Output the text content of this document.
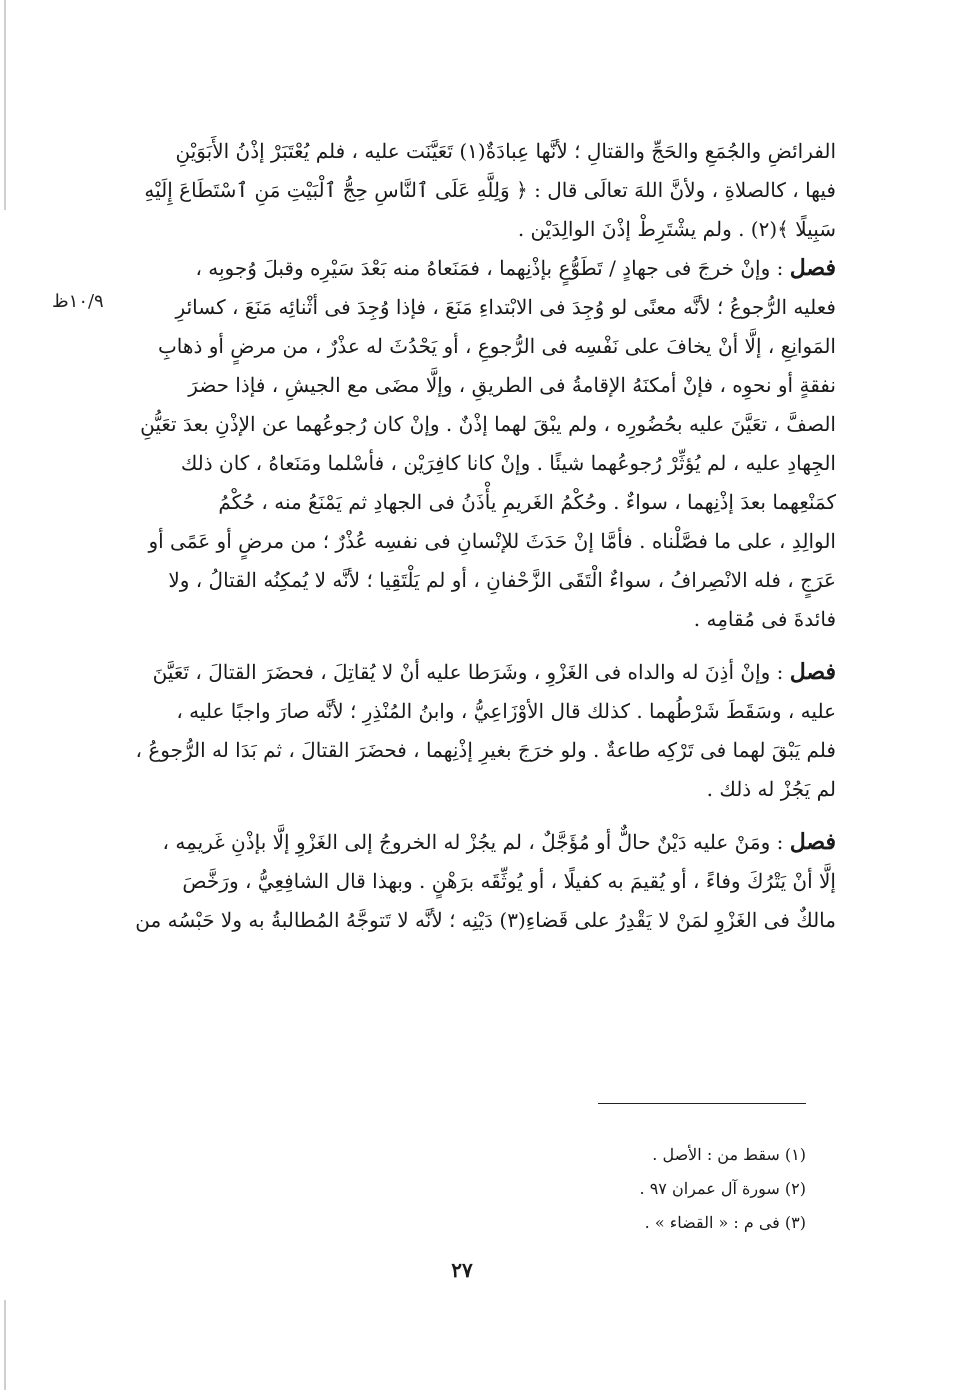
١٠/٩ظ

الفرائضِ والجُمَعِ والحَجِّ والقتالِ ؛ لأنَّها عِبادَةٌ(١) تَعَيَّنَت عليه ، فلم يُعْتَبَرْ إذْنُ الأَبَوَيْنِ

فيها ، كالصلاةِ ، ولأنَّ اللهَ تعالَى قال : ﴿ وَلِلَّهِ عَلَى ٱلنَّاسِ حِجُّ ٱلْبَيْتِ مَنِ ٱسْتَطَاعَ إِلَيْهِ

سَبِيلًا ﴾(٢) . ولم يشْتَرِطْ إذْنَ الوالِدَيْن .

فصل : وإنْ خرجَ فى جهادٍ / تَطَوُّعٍ بإذْنِهما ، فمَنَعاهُ منه بَعْدَ سَيْرِه وقبلَ وُجوبِه ،

فعليه الرُّجوعُ ؛ لأنَّه معنًى لو وُجِدَ فى الابْتداءِ مَنَعَ ، فإذا وُجِدَ فى أثْنائِه مَنَعَ ، كسائرِ

المَوانِعِ ، إلَّا أنْ يخافَ على نَفْسِه فى الرُّجوعِ ، أو يَحْدُثَ له عذْرٌ ، من مرضٍ أو ذهابِ

نفقةٍ أو نحوِه ، فإنْ أمكنَهُ الإقامةُ فى الطريقِ ، وإلَّا مضَى مع الجيشِ ، فإذا حضرَ

الصفَّ ، تعَيَّنَ عليه بحُضُورِه ، ولم يبْقَ لهما إذْنٌ . وإنْ كان رُجوعُهما عن الإذْنِ بعدَ تعَيُّنِ

الجِهادِ عليه ، لم يُؤثِّرْ رُجوعُهما شيئًا . وإنْ كانا كافِرَيْن ، فأسْلما ومَنَعاهُ ، كان ذلك

كمَنْعِهما بعدَ إذْنِهما ، سواءٌ . وحُكْمُ الغَريمِ يأْذَنُ فى الجهادِ ثم يَمْنَعُ منه ، حُكْمُ

الوالِدِ ، على ما فصَّلْناه . فأمَّا إنْ حَدَثَ للإنْسانِ فى نفسِه عُذْرٌ ؛ من مرضٍ أو عَمًى أو

عَرَجٍ ، فله الانْصِرافُ ، سواءٌ الْتَقَى الزَّحْفانِ ، أو لم يَلْتَقِيا ؛ لأنَّه لا يُمكِنُه القتالُ ، ولا

فائدةَ فى مُقامِه .

فصل : وإنْ أذِنَ له والداه فى الغَزْوِ ، وشَرَطا عليه أنْ لا يُقاتِلَ ، فحضَرَ القتالَ ، تَعَيَّنَ

عليه ، وسَقَطَ شَرْطُهما . كذلك قال الأوْزَاعِيُّ ، وابنُ المُنْذِرِ ؛ لأنَّه صارَ واجبًا عليه ،

فلم يَبْقَ لهما فى تَرْكِه طاعةٌ . ولو خرَجَ بغيرِ إذْنِهما ، فحضَرَ القتالَ ، ثم بَدَا له الرُّجوعُ ،

لم يَجُزْ له ذلك .

فصل : ومَنْ عليه دَيْنٌ حالٌّ أو مُؤَجَّلٌ ، لم يجُزْ له الخروجُ إلى الغَزْوِ إلَّا بإذْنِ غَريمِه ،

إلَّا أنْ يَتْرُكَ وفاءً ، أو يُقيمَ به كفيلًا ، أو يُوثِّقَه برَهْنٍ . وبهذا قال الشافِعِيُّ ، ورَخَّصَ

مالكٌ فى الغَزْوِ لمَنْ لا يَقْدِرُ على قَضاءِ(٣) دَيْنِه ؛ لأنَّه لا تَتوجَّهُ المُطالبةُ به ولا حَبْسُه من

(١) سقط من : الأصل .

(٢) سورة آل عمران ٩٧ .

(٣) فى م : « القضاء » .

٢٧
